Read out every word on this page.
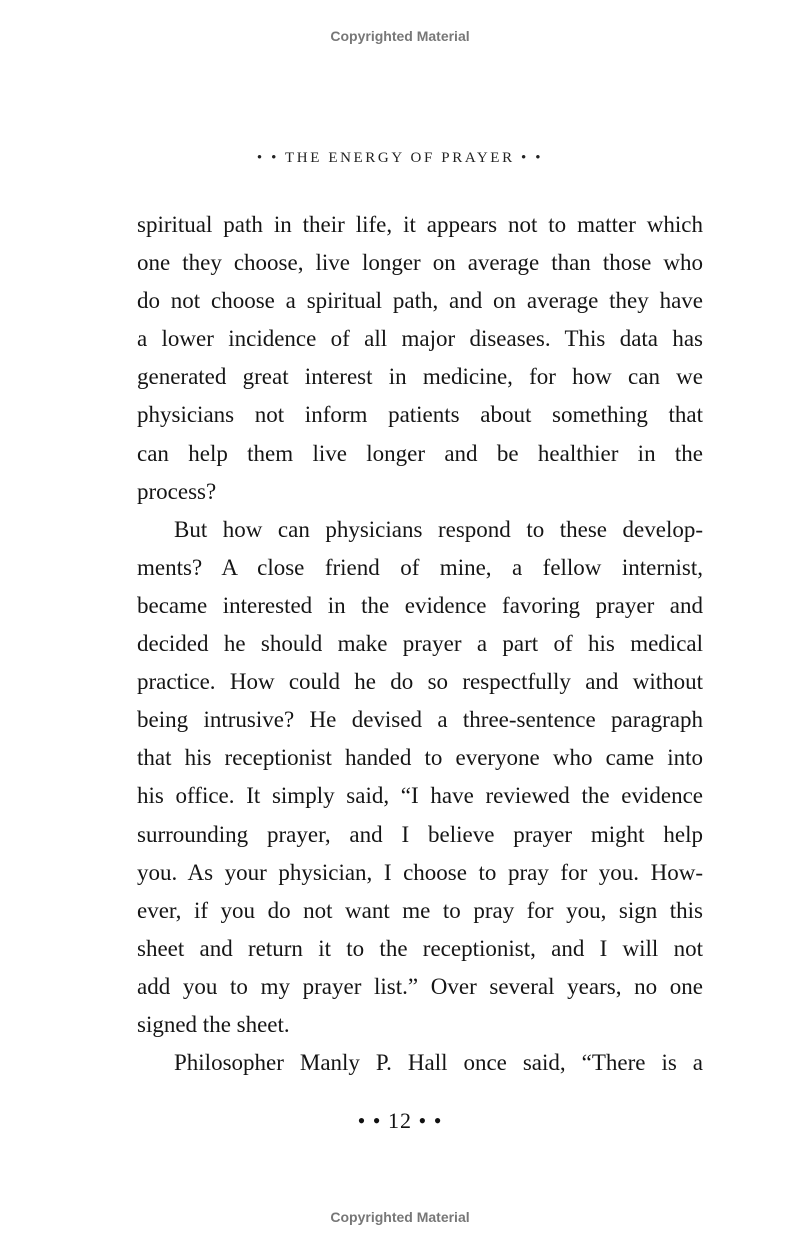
Copyrighted Material
• • THE ENERGY OF PRAYER • •
spiritual path in their life, it appears not to matter which
one they choose, live longer on average than those who
do not choose a spiritual path, and on average they have
a lower incidence of all major diseases. This data has
generated great interest in medicine, for how can we
physicians not inform patients about something that
can help them live longer and be healthier in the
process?
But how can physicians respond to these develop-
ments? A close friend of mine, a fellow internist,
became interested in the evidence favoring prayer and
decided he should make prayer a part of his medical
practice. How could he do so respectfully and without
being intrusive? He devised a three-sentence paragraph
that his receptionist handed to everyone who came into
his office. It simply said, “I have reviewed the evidence
surrounding prayer, and I believe prayer might help
you. As your physician, I choose to pray for you. How-
ever, if you do not want me to pray for you, sign this
sheet and return it to the receptionist, and I will not
add you to my prayer list.” Over several years, no one
signed the sheet.
Philosopher Manly P. Hall once said, “There is a
• • 12 • •
Copyrighted Material
